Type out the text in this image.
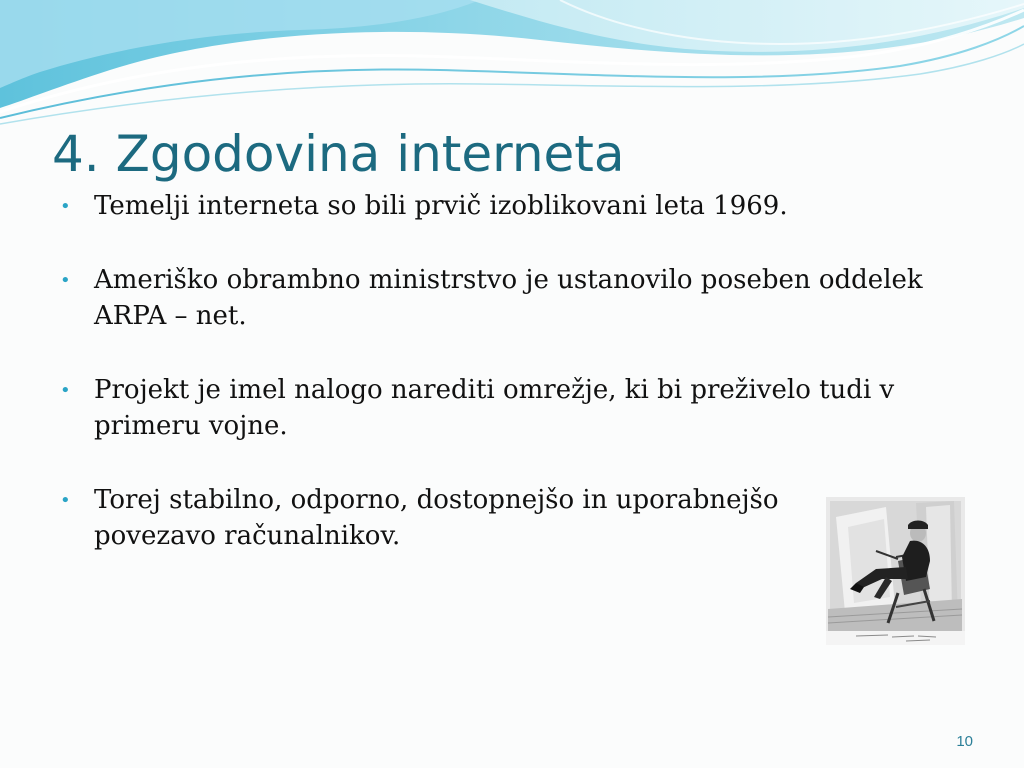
4. Zgodovina interneta
• Temelji interneta so bili prvič izoblikovani leta 1969.
• Ameriško obrambno ministrstvo je ustanovilo poseben oddelek ARPA – net.
• Projekt je imel nalogo narediti omrežje, ki bi preživelo tudi v primeru vojne.
• Torej stabilno, odporno, dostopnejšo in uporabnejšo povezavo računalnikov.
10
